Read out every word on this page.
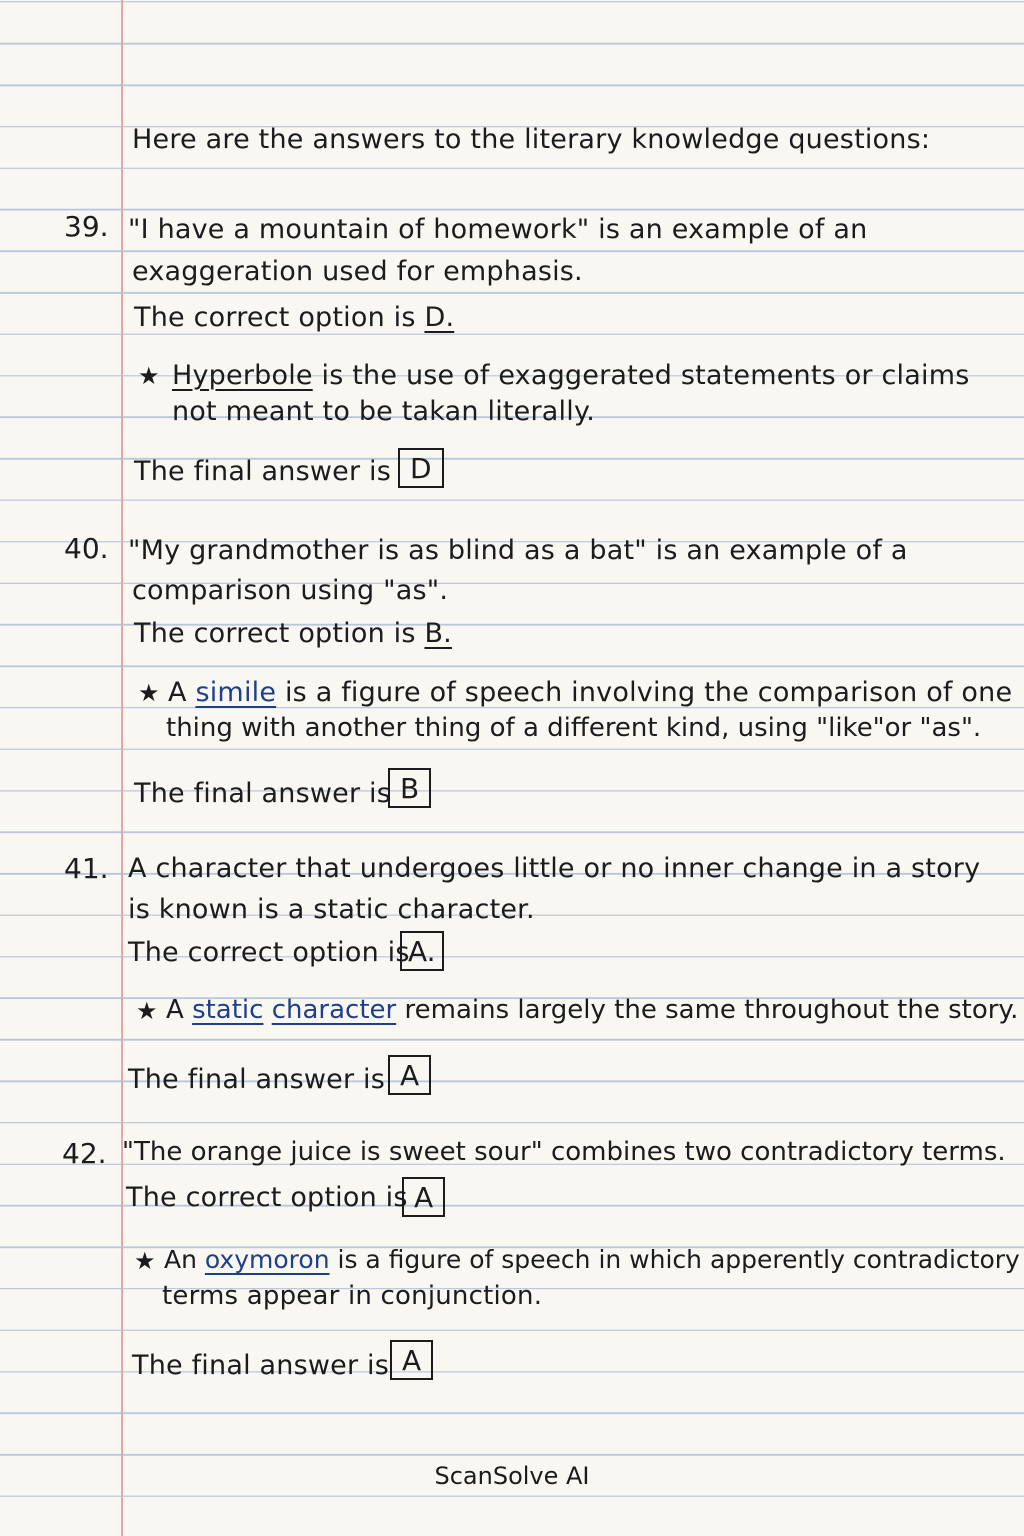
Here are the answers to the literary knowledge questions:
39. "I have a mountain of homework" is an example of an
exaggeration used for emphasis.
The correct option is D.
★ Hyperbole is the use of exaggerated statements or claims
not meant to be takan literally.
The final answer is D
40. "My grandmother is as blind as a bat" is an example of a
comparison using "as".
The correct option is B.
★ A simile is a figure of speech involving the comparison of one
thing with another thing of a different kind, using "like"or "as".
The final answer is B
41. A character that undergoes little or no inner change in a story
is known is a static character.
The correct option is
A.
★ A static character remains largely the same throughout the story.
The final answer is A
42. "The orange juice is sweet sour" combines two contradictory terms.
The correct option is A
★ An oxymoron is a figure of speech in which apperently contradictory
terms appear in conjunction.
The final answer is A
ScanSolve AI
